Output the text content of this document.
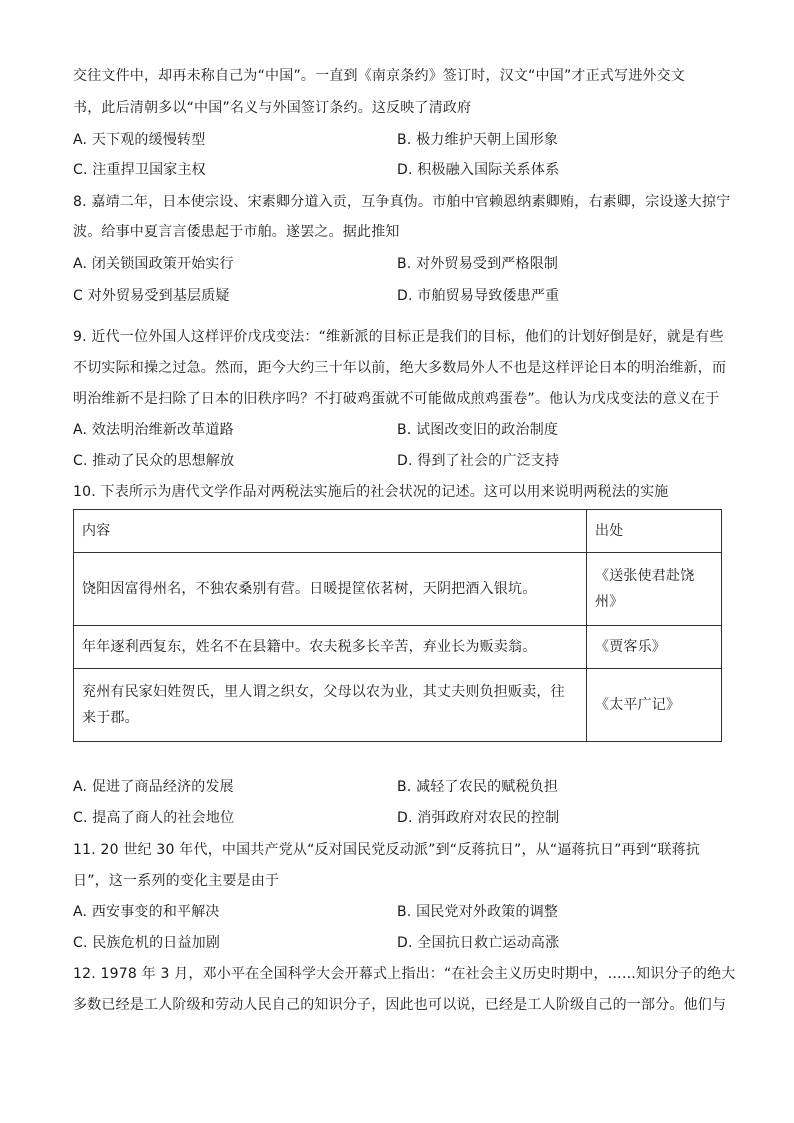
交往文件中，却再未称自己为“中国”。一直到《南京条约》签订时，汉文“中国”才正式写进外交文
书，此后清朝多以“中国”名义与外国签订条约。这反映了清政府
A. 天下观的缓慢转型	B. 极力维护天朝上国形象
C. 注重捍卫国家主权	D. 积极融入国际关系体系
8. 嘉靖二年，日本使宗设、宋素卿分道入贡，互争真伪。市舶中官赖恩纳素卿贿，右素卿，宗设遂大掠宁
波。给事中夏言言倭患起于市舶。遂罢之。据此推知
A. 闭关锁国政策开始实行	B. 对外贸易受到严格限制
C 对外贸易受到基层质疑	D. 市舶贸易导致倭患严重
9. 近代一位外国人这样评价戊戌变法：“维新派的目标正是我们的目标，他们的计划好倒是好，就是有些
不切实际和操之过急。然而，距今大约三十年以前，绝大多数局外人不也是这样评论日本的明治维新，而
明治维新不是扫除了日本的旧秩序吗？不打破鸡蛋就不可能做成煎鸡蛋卷”。他认为戊戌变法的意义在于
A. 效法明治维新改革道路	B. 试图改变旧的政治制度
C. 推动了民众的思想解放	D. 得到了社会的广泛支持
10. 下表所示为唐代文学作品对两税法实施后的社会状况的记述。这可以用来说明两税法的实施
内容	出处
饶阳因富得州名，不独农桑别有营。日暖提筐依茗树，天阴把酒入银坑。	《送张使君赴饶州》
年年逐利西复东，姓名不在县籍中。农夫税多长辛苦，弃业长为贩卖翁。	《贾客乐》
兖州有民家妇姓贺氏，里人谓之织女，父母以农为业，其丈夫则负担贩卖，往来于郡。	《太平广记》
A. 促进了商品经济的发展	B. 减轻了农民的赋税负担
C. 提高了商人的社会地位	D. 消弭政府对农民的控制
11. 20 世纪 30 年代，中国共产党从“反对国民党反动派”到“反蒋抗日”，从“逼蒋抗日”再到“联蒋抗
日”，这一系列的变化主要是由于
A. 西安事变的和平解决	B. 国民党对外政策的调整
C. 民族危机的日益加剧	D. 全国抗日救亡运动高涨
12. 1978 年 3 月，邓小平在全国科学大会开幕式上指出：“在社会主义历史时期中，……知识分子的绝大
多数已经是工人阶级和劳动人民自己的知识分子，因此也可以说，已经是工人阶级自己的一部分。他们与
